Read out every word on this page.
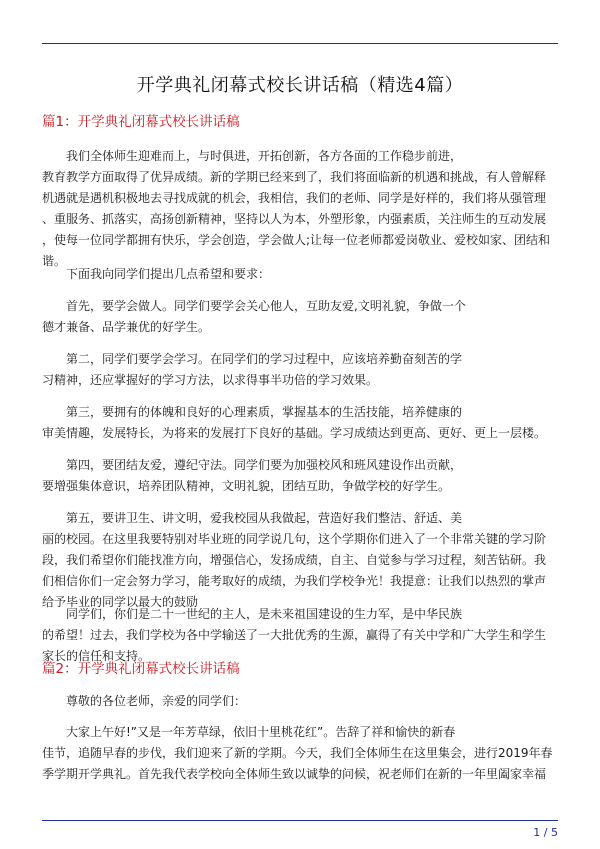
开学典礼闭幕式校长讲话稿（精选4篇）
篇1：开学典礼闭幕式校长讲话稿
　　我们全体师生迎难而上，与时俱进，开拓创新，各方各面的工作稳步前进，
教育教学方面取得了优异成绩。新的学期已经来到了，我们将面临新的机遇和挑战，有人曾解释
机遇就是遇机积极地去寻找成就的机会，我相信，我们的老师、同学是好样的，我们将从强管理
、重服务、抓落实，高扬创新精神，坚持以人为本，外塑形象，内强素质，关注师生的互动发展
，使每一位同学都拥有快乐，学会创造，学会做人;让每一位老师都爱岗敬业、爱校如家、团结和
谐。
　　下面我向同学们提出几点希望和要求：
　　首先，要学会做人。同学们要学会关心他人，互助友爱,文明礼貌，争做一个
德才兼备、品学兼优的好学生。
　　第二，同学们要学会学习。在同学们的学习过程中，应该培养勤奋刻苦的学
习精神，还应掌握好的学习方法，以求得事半功倍的学习效果。
　　第三，要拥有的体魄和良好的心理素质，掌握基本的生活技能，培养健康的
审美情趣，发展特长，为将来的发展打下良好的基础。学习成绩达到更高、更好、更上一层楼。
　　第四，要团结友爱，遵纪守法。同学们要为加强校风和班风建设作出贡献，
要增强集体意识，培养团队精神，文明礼貌，团结互助，争做学校的好学生。
　　第五，要讲卫生、讲文明，爱我校园从我做起，营造好我们整洁、舒适、美
丽的校园。在这里我要特别对毕业班的同学说几句，这个学期你们进入了一个非常关键的学习阶
段，我们希望你们能找准方向，增强信心，发扬成绩，自主、自觉参与学习过程，刻苦钻研。我
们相信你们一定会努力学习，能考取好的成绩，为我们学校争光！我提意：让我们以热烈的掌声
给予毕业的同学以最大的鼓励
　　同学们，你们是二十一世纪的主人，是未来祖国建设的生力军，是中华民族
的希望！过去，我们学校为各中学输送了一大批优秀的生源，赢得了有关中学和广大学生和学生
家长的信任和支持。
篇2：开学典礼闭幕式校长讲话稿
　　尊敬的各位老师，亲爱的同学们：
　　大家上午好!”又是一年芳草绿，依旧十里桃花红”。告辞了祥和愉快的新春
佳节，追随早春的步伐，我们迎来了新的学期。今天，我们全体师生在这里集会，进行2019年春
季学期开学典礼。首先我代表学校向全体师生致以诚挚的问候，祝老师们在新的一年里阖家幸福
1 / 5
